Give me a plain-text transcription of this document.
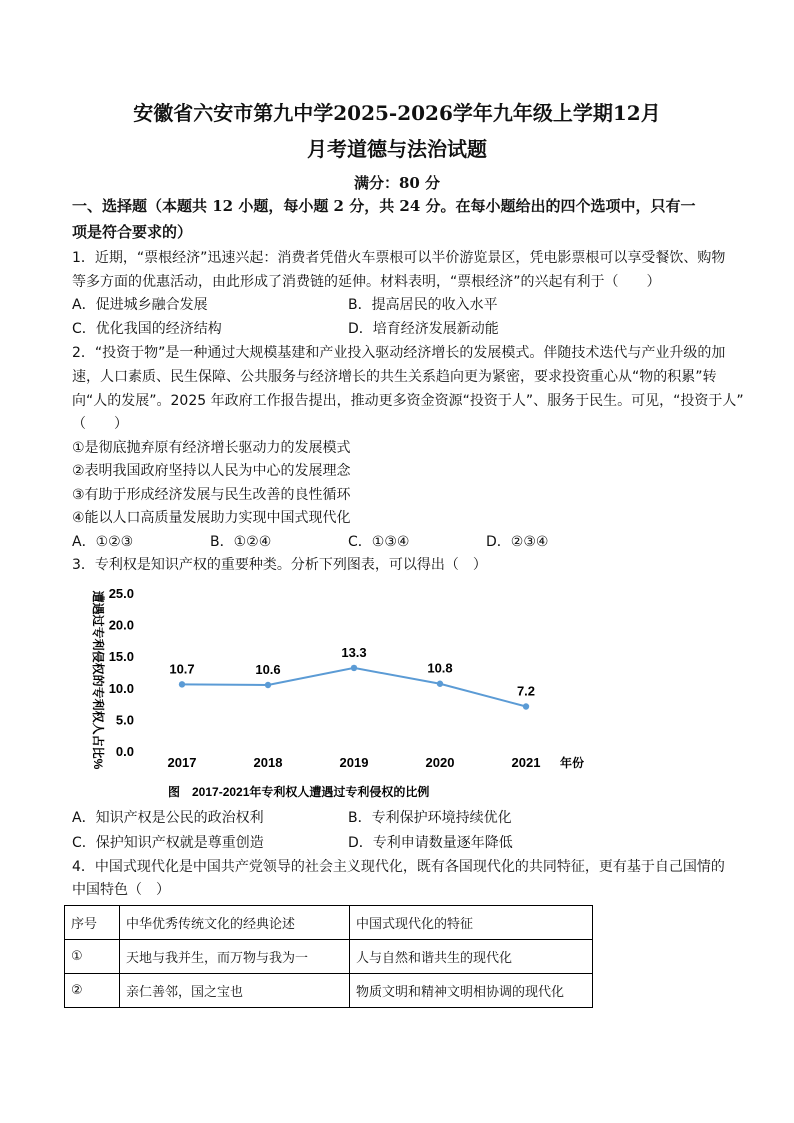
安徽省六安市第九中学2025-2026学年九年级上学期12月
月考道德与法治试题
满分：80 分
一、选择题（本题共 12 小题，每小题 2 分，共 24 分。在每小题给出的四个选项中，只有一
项是符合要求的）
1．近期，“票根经济”迅速兴起：消费者凭借火车票根可以半价游览景区，凭电影票根可以享受餐饮、购物
等多方面的优惠活动，由此形成了消费链的延伸。材料表明，“票根经济”的兴起有利于（　　）
A．促进城乡融合发展	B．提高居民的收入水平
C．优化我国的经济结构	D．培育经济发展新动能
2．“投资于物”是一种通过大规模基建和产业投入驱动经济增长的发展模式。伴随技术迭代与产业升级的加
速，人口素质、民生保障、公共服务与经济增长的共生关系趋向更为紧密，要求投资重心从“物的积累”转
向“人的发展”。2025 年政府工作报告提出，推动更多资金资源“投资于人”、服务于民生。可见，“投资于人”
（　　）
①是彻底抛弃原有经济增长驱动力的发展模式
②表明我国政府坚持以人民为中心的发展理念
③有助于形成经济发展与民生改善的良性循环
④能以人口高质量发展助力实现中国式现代化
A．①②③	B．①②④	C．①③④	D．②③④
3．专利权是知识产权的重要种类。分析下列图表，可以得出（　）
遭遇过专利侵权的专利权人占比% 0.0
5.0
10.0
15.0
20.0
25.0
2017	2018	2019	2020	2021
10.7	10.6
13.3
10.8
7.2
年份
图　2017-2021年专利权人遭遇过专利侵权的比例
A．知识产权是公民的政治权利	B．专利保护环境持续优化
C．保护知识产权就是尊重创造	D．专利申请数量逐年降低
4．中国式现代化是中国共产党领导的社会主义现代化，既有各国现代化的共同特征，更有基于自己国情的
中国特色（　）
序号	中华优秀传统文化的经典论述	中国式现代化的特征
①	天地与我并生，而万物与我为一	人与自然和谐共生的现代化
②	亲仁善邻，国之宝也	物质文明和精神文明相协调的现代化
